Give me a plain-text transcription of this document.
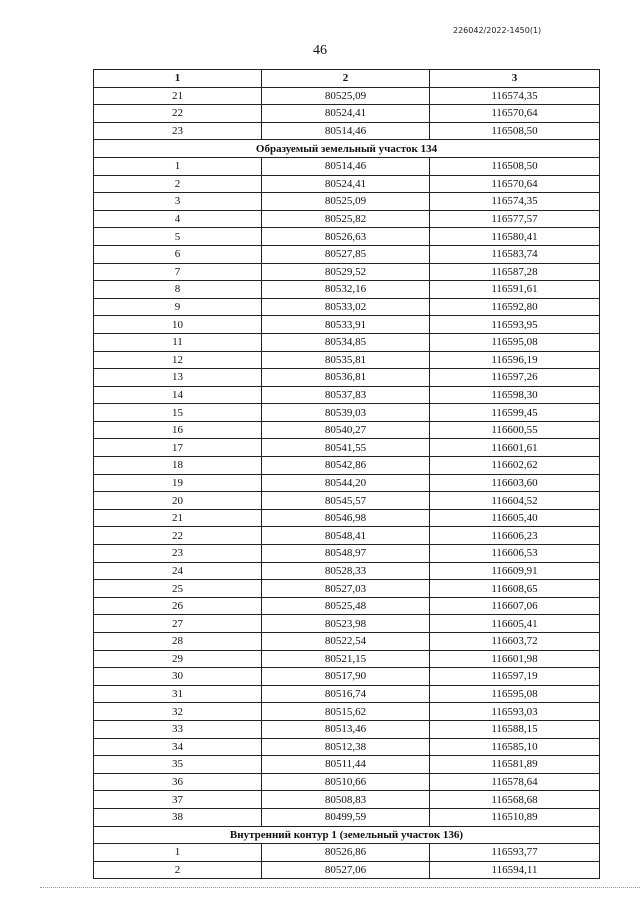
226042/2022-1450(1)
46
1	2	3
21	80525,09	116574,35
22	80524,41	116570,64
23	80514,46	116508,50
Образуемый земельный участок 134		
1	80514,46	116508,50
2	80524,41	116570,64
3	80525,09	116574,35
4	80525,82	116577,57
5	80526,63	116580,41
6	80527,85	116583,74
7	80529,52	116587,28
8	80532,16	116591,61
9	80533,02	116592,80
10	80533,91	116593,95
11	80534,85	116595,08
12	80535,81	116596,19
13	80536,81	116597,26
14	80537,83	116598,30
15	80539,03	116599,45
16	80540,27	116600,55
17	80541,55	116601,61
18	80542,86	116602,62
19	80544,20	116603,60
20	80545,57	116604,52
21	80546,98	116605,40
22	80548,41	116606,23
23	80548,97	116606,53
24	80528,33	116609,91
25	80527,03	116608,65
26	80525,48	116607,06
27	80523,98	116605,41
28	80522,54	116603,72
29	80521,15	116601,98
30	80517,90	116597,19
31	80516,74	116595,08
32	80515,62	116593,03
33	80513,46	116588,15
34	80512,38	116585,10
35	80511,44	116581,89
36	80510,66	116578,64
37	80508,83	116568,68
38	80499,59	116510,89
Внутренний контур 1 (земельный участок 136)		
1	80526,86	116593,77
2	80527,06	116594,11
